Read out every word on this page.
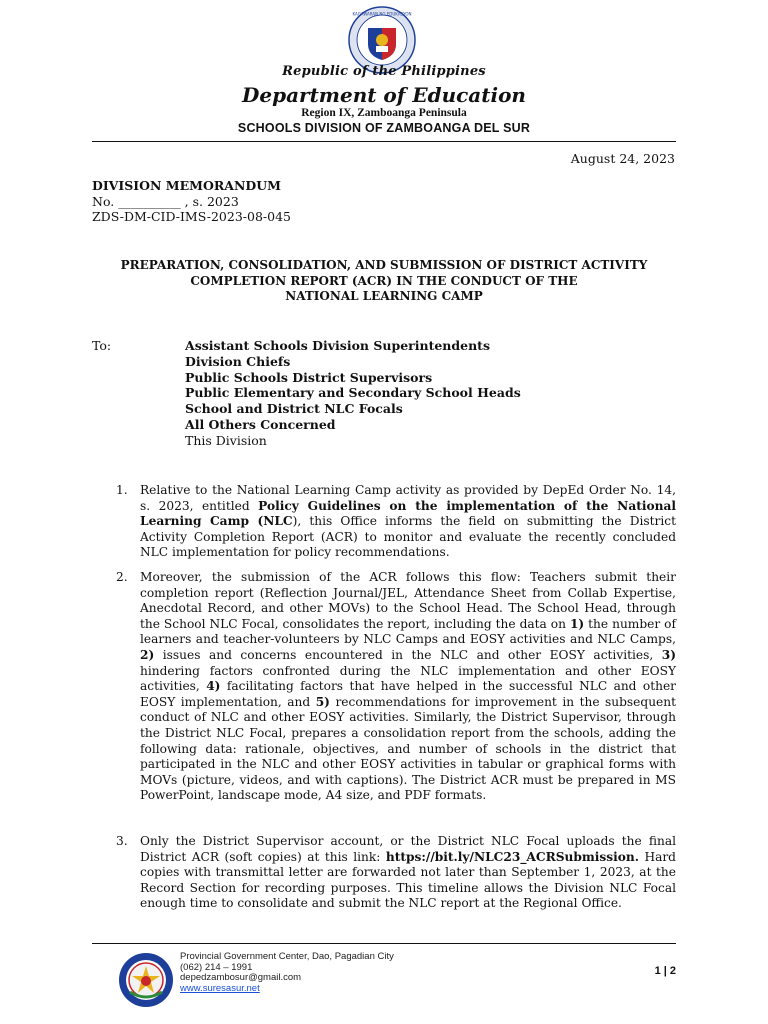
KAGAWARAN NG EDUKASYON
Republic of the Philippines
Department of Education
Region IX, Zamboanga Peninsula
SCHOOLS DIVISION OF ZAMBOANGA DEL SUR
August 24, 2023
DIVISION MEMORANDUM
No. __________ , s. 2023
ZDS-DM-CID-IMS-2023-08-045
PREPARATION, CONSOLIDATION, AND SUBMISSION OF DISTRICT ACTIVITY
COMPLETION REPORT (ACR) IN THE CONDUCT OF THE
NATIONAL LEARNING CAMP
To:	Assistant Schools Division Superintendents
Division Chiefs
Public Schools District Supervisors
Public Elementary and Secondary School Heads
School and District NLC Focals
All Others Concerned
This Division
1. Relative to the National Learning Camp activity as provided by DepEd Order No. 14, s. 2023, entitled Policy Guidelines on the implementation of the National Learning Camp (NLC), this Office informs the field on submitting the District Activity Completion Report (ACR) to monitor and evaluate the recently concluded NLC implementation for policy recommendations.
2. Moreover, the submission of the ACR follows this flow: Teachers submit their completion report (Reflection Journal/JEL, Attendance Sheet from Collab Expertise, Anecdotal Record, and other MOVs) to the School Head. The School Head, through the School NLC Focal, consolidates the report, including the data on 1) the number of learners and teacher-volunteers by NLC Camps and EOSY activities and NLC Camps, 2) issues and concerns encountered in the NLC and other EOSY activities, 3) hindering factors confronted during the NLC implementation and other EOSY activities, 4) facilitating factors that have helped in the successful NLC and other EOSY implementation, and 5) recommendations for improvement in the subsequent conduct of NLC and other EOSY activities. Similarly, the District Supervisor, through the District NLC Focal, prepares a consolidation report from the schools, adding the following data: rationale, objectives, and number of schools in the district that participated in the NLC and other EOSY activities in tabular or graphical forms with MOVs (picture, videos, and with captions). The District ACR must be prepared in MS PowerPoint, landscape mode, A4 size, and PDF formats.
3. Only the District Supervisor account, or the District NLC Focal uploads the final District ACR (soft copies) at this link: https://bit.ly/NLC23_ACRSubmission. Hard copies with transmittal letter are forwarded not later than September 1, 2023, at the Record Section for recording purposes. This timeline allows the Division NLC Focal enough time to consolidate and submit the NLC report at the Regional Office.
Provincial Government Center, Dao, Pagadian City
(062) 214 – 1991
depedzambosur@gmail.com
www.suresasur.net
1 | 2
